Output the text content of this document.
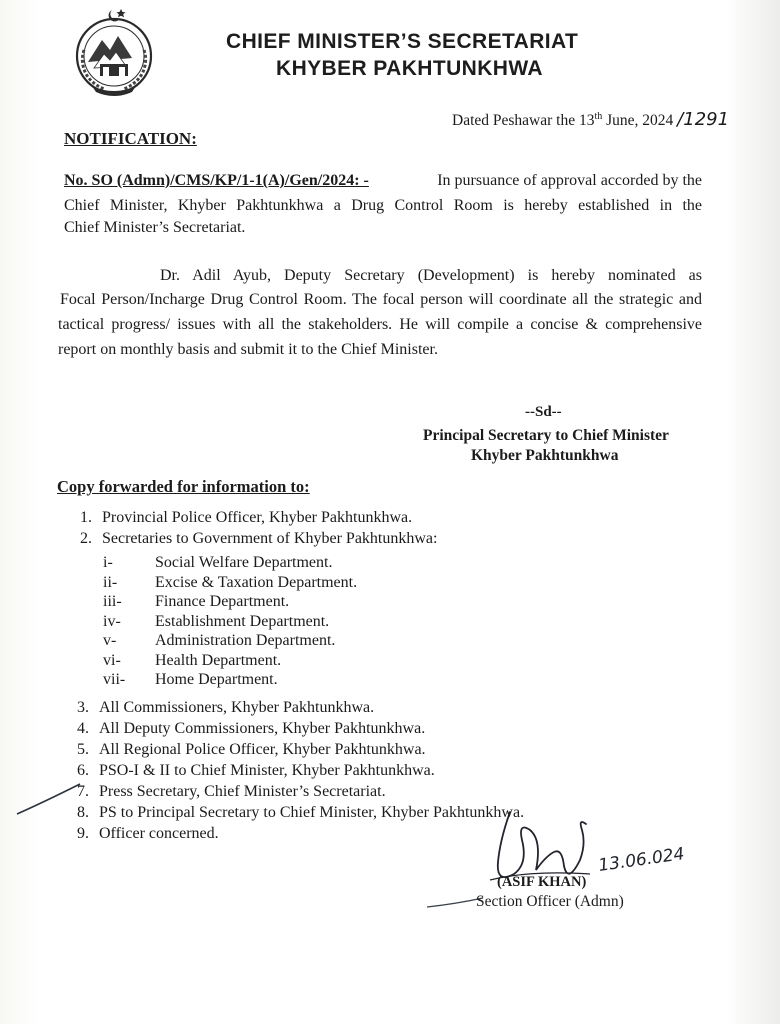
CHIEF MINISTER’S SECRETARIAT
KHYBER PAKHTUNKHWA
Dated Peshawar the 13th June, 2024 /1291
NOTIFICATION:
No. SO (Admn)/CMS/KP/1-1(A)/Gen/2024: -	In pursuance of approval accorded by the
Chief Minister, Khyber Pakhtunkhwa a Drug Control Room is hereby established in the
Chief Minister’s Secretariat.
Dr. Adil Ayub, Deputy Secretary (Development) is hereby nominated as
Focal Person/Incharge Drug Control Room. The focal person will coordinate all the strategic and
tactical progress/ issues with all the stakeholders. He will compile a concise & comprehensive
report on monthly basis and submit it to the Chief Minister.
--Sd--
Principal Secretary to Chief Minister
Khyber Pakhtunkhwa
Copy forwarded for information to:
1. Provincial Police Officer, Khyber Pakhtunkhwa.
2. Secretaries to Government of Khyber Pakhtunkhwa:
i-	Social Welfare Department.
ii- Excise & Taxation Department.
iii- Finance Department.
iv- Establishment Department.
v- Administration Department.
vi- Health Department.
vii- Home Department.
3. All Commissioners, Khyber Pakhtunkhwa.
4. All Deputy Commissioners, Khyber Pakhtunkhwa.
5. All Regional Police Officer, Khyber Pakhtunkhwa.
6. PSO-I & II to Chief Minister, Khyber Pakhtunkhwa.
7. Press Secretary, Chief Minister’s Secretariat.
8. PS to Principal Secretary to Chief Minister, Khyber Pakhtunkhwa.
9. Officer concerned.
(ASIF KHAN)
13.06.024
Section Officer (Admn)
